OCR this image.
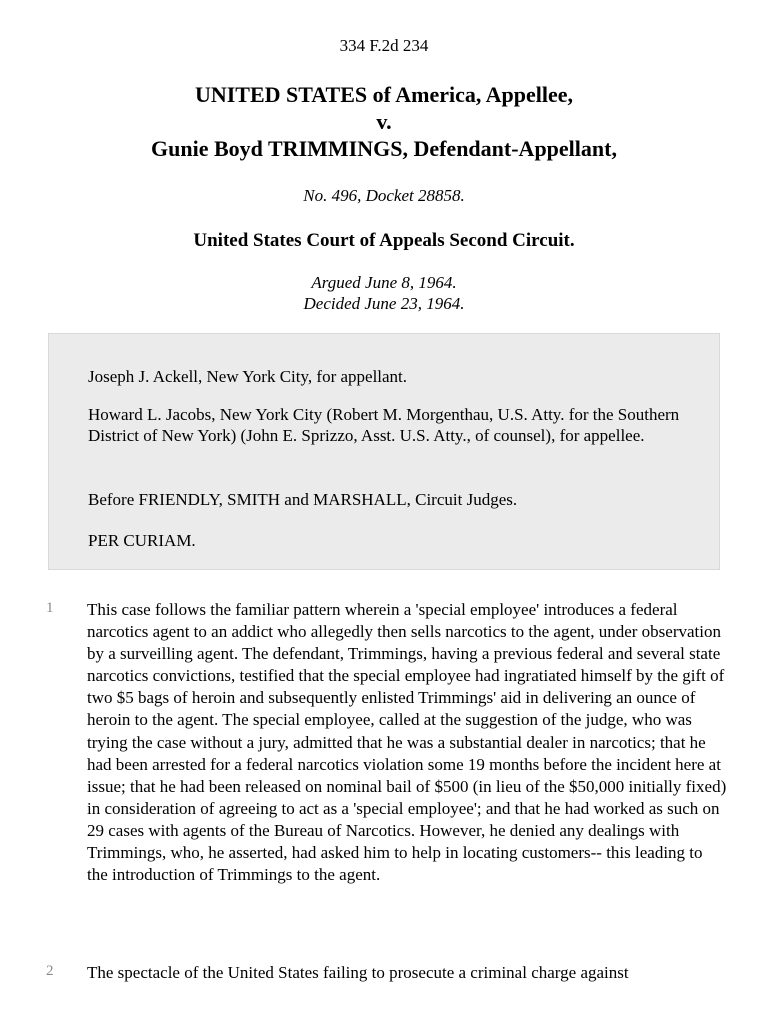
334 F.2d 234
UNITED STATES of America, Appellee,
v.
Gunie Boyd TRIMMINGS, Defendant-Appellant,
No. 496, Docket 28858.
United States Court of Appeals Second Circuit.
Argued June 8, 1964.
Decided June 23, 1964.

Joseph J. Ackell, New York City, for appellant.

Howard L. Jacobs, New York City (Robert M. Morgenthau, U.S. Atty. for the Southern District of New York) (John E. Sprizzo, Asst. U.S. Atty., of counsel), for appellee.

Before FRIENDLY, SMITH and MARSHALL, Circuit Judges.

PER CURIAM.

1 This case follows the familiar pattern wherein a 'special employee' introduces a federal narcotics agent to an addict who allegedly then sells narcotics to the agent, under observation by a surveilling agent. The defendant, Trimmings, having a previous federal and several state narcotics convictions, testified that the special employee had ingratiated himself by the gift of two $5 bags of heroin and subsequently enlisted Trimmings' aid in delivering an ounce of heroin to the agent. The special employee, called at the suggestion of the judge, who was trying the case without a jury, admitted that he was a substantial dealer in narcotics; that he had been arrested for a federal narcotics violation some 19 months before the incident here at issue; that he had been released on nominal bail of $500 (in lieu of the $50,000 initially fixed) in consideration of agreeing to act as a 'special employee'; and that he had worked as such on 29 cases with agents of the Bureau of Narcotics. However, he denied any dealings with Trimmings, who, he asserted, had asked him to help in locating customers-- this leading to the introduction of Trimmings to the agent.

2 The spectacle of the United States failing to prosecute a criminal charge against
